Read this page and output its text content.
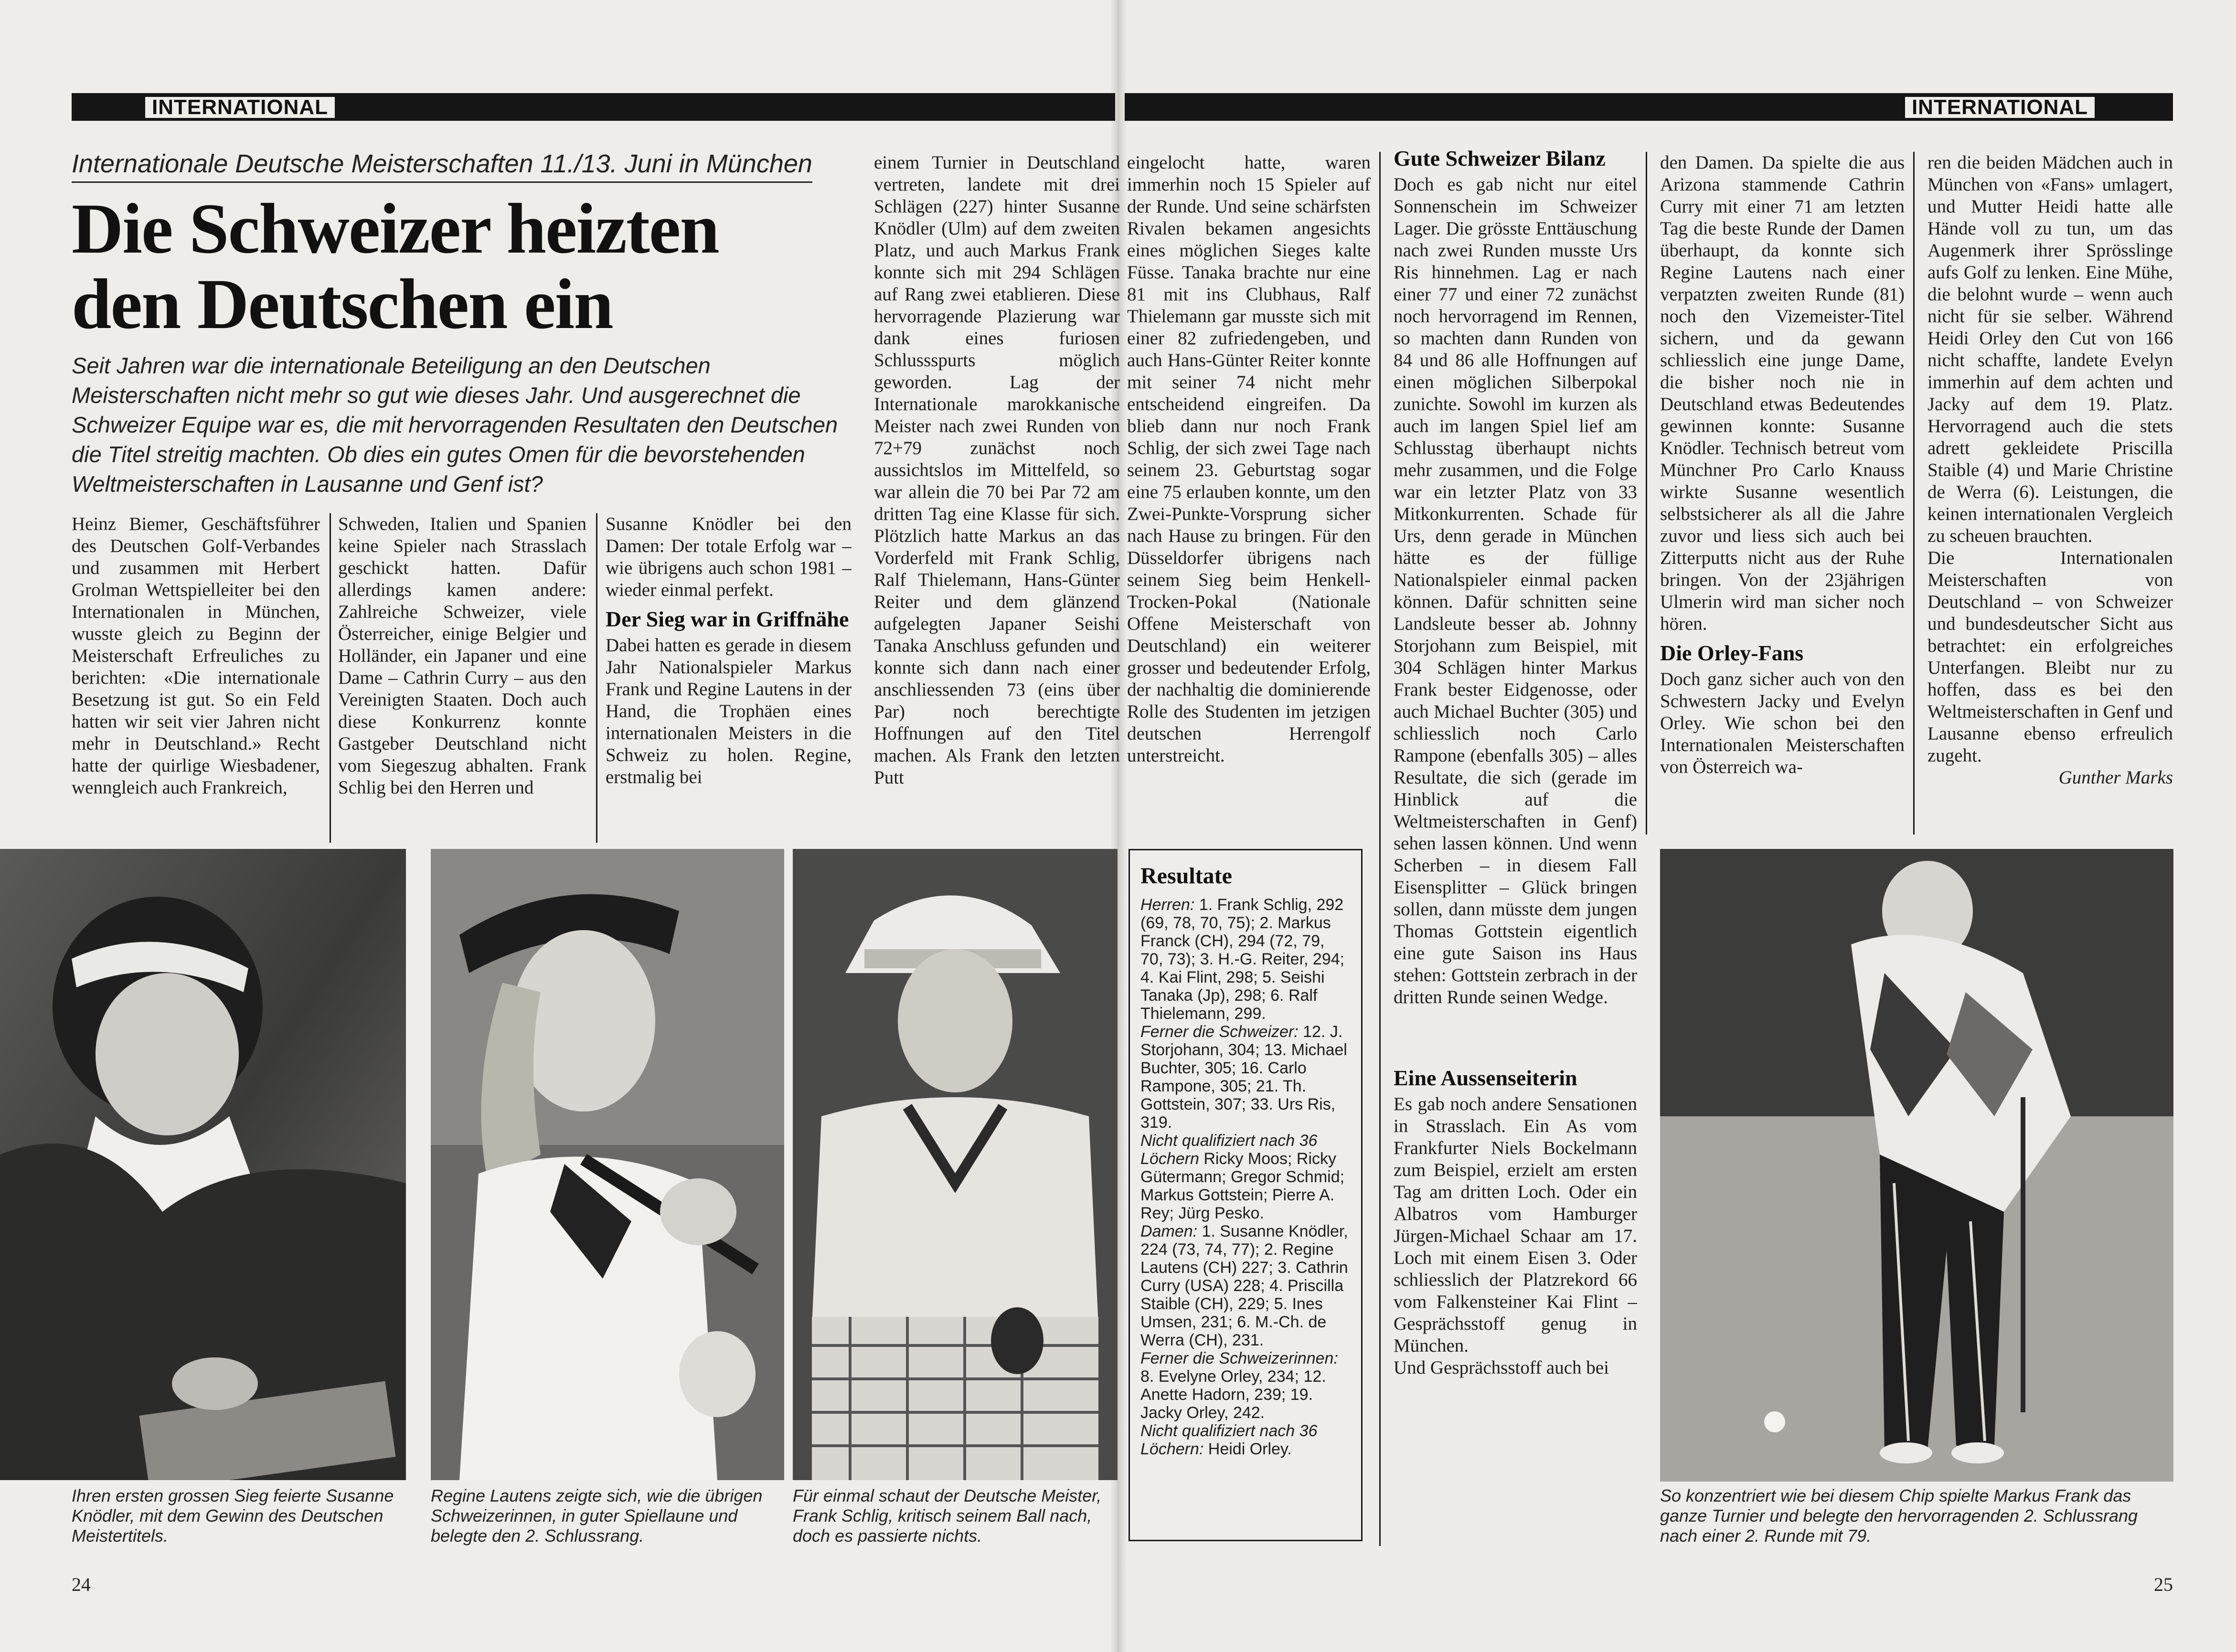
INTERNATIONAL	INTERNATIONAL
Internationale Deutsche Meisterschaften 11./13. Juni in München
Die Schweizer heizten
den Deutschen ein
Seit Jahren war die internationale Beteiligung an den Deutschen Meisterschaften nicht mehr so gut wie dieses Jahr. Und ausgerechnet die Schweizer Equipe war es, die mit hervorragenden Resultaten den Deutschen die Titel streitig machten. Ob dies ein gutes Omen für die bevorstehenden Weltmeisterschaften in Lausanne und Genf ist?

Heinz Biemer, Geschäftsführer des Deutschen Golf-Verbandes und zusammen mit Herbert Grolman Wettspielleiter bei den Internationalen in München, wusste gleich zu Beginn der Meisterschaft Erfreuliches zu berichten: «Die internationale Besetzung ist gut. So ein Feld hatten wir seit vier Jahren nicht mehr in Deutschland.» Recht hatte der quirlige Wiesbadener, wenngleich auch Frankreich,

Schweden, Italien und Spanien keine Spieler nach Strasslach geschickt hatten. Dafür allerdings kamen andere: Zahlreiche Schweizer, viele Österreicher, einige Belgier und Holländer, ein Japaner und eine Dame – Cathrin Curry – aus den Vereinigten Staaten. Doch auch diese Konkurrenz konnte Gastgeber Deutschland nicht vom Siegeszug abhalten. Frank Schlig bei den Herren und

Susanne Knödler bei den Damen: Der totale Erfolg war – wie übrigens auch schon 1981 – wieder einmal perfekt.

Der Sieg war in Griffnähe

Dabei hatten es gerade in diesem Jahr Nationalspieler Markus Frank und Regine Lautens in der Hand, die Trophäen eines internationalen Meisters in die Schweiz zu holen. Regine, erstmalig bei

einem Turnier in Deutschland vertreten, landete mit drei Schlägen (227) hinter Susanne Knödler (Ulm) auf dem zweiten Platz, und auch Markus Frank konnte sich mit 294 Schlägen auf Rang zwei etablieren. Diese hervorragende Plazierung war dank eines furiosen Schlussspurts möglich geworden. Lag der Internationale marokkanische Meister nach zwei Runden von 72+79 zunächst noch aussichtslos im Mittelfeld, so war allein die 70 bei Par 72 am dritten Tag eine Klasse für sich. Plötzlich hatte Markus an das Vorderfeld mit Frank Schlig, Ralf Thielemann, Hans-Günter Reiter und dem glänzend aufgelegten Japaner Seishi Tanaka Anschluss gefunden und konnte sich dann nach einer anschliessenden 73 (eins über Par) noch berechtigte Hoffnungen auf den Titel machen. Als Frank den letzten Putt

eingelocht hatte, waren immerhin noch 15 Spieler auf der Runde. Und seine schärfsten Rivalen bekamen angesichts eines möglichen Sieges kalte Füsse. Tanaka brachte nur eine 81 mit ins Clubhaus, Ralf Thielemann gar musste sich mit einer 82 zufriedengeben, und auch Hans-Günter Reiter konnte mit seiner 74 nicht mehr entscheidend eingreifen. Da blieb dann nur noch Frank Schlig, der sich zwei Tage nach seinem 23. Geburtstag sogar eine 75 erlauben konnte, um den Zwei-Punkte-Vorsprung sicher nach Hause zu bringen. Für den Düsseldorfer übrigens nach seinem Sieg beim Henkell-Trocken-Pokal (Nationale Offene Meisterschaft von Deutschland) ein weiterer grosser und bedeutender Erfolg, der nachhaltig die dominierende Rolle des Studenten im jetzigen deutschen Herrengolf unterstreicht.

Gute Schweizer Bilanz

Doch es gab nicht nur eitel Sonnenschein im Schweizer Lager. Die grösste Enttäuschung nach zwei Runden musste Urs Ris hinnehmen. Lag er nach einer 77 und einer 72 zunächst noch hervorragend im Rennen, so machten dann Runden von 84 und 86 alle Hoffnungen auf einen möglichen Silberpokal zunichte. Sowohl im kurzen als auch im langen Spiel lief am Schlusstag überhaupt nichts mehr zusammen, und die Folge war ein letzter Platz von 33 Mitkonkurrenten. Schade für Urs, denn gerade in München hätte es der füllige Nationalspieler einmal packen können. Dafür schnitten seine Landsleute besser ab. Johnny Storjohann zum Beispiel, mit 304 Schlägen hinter Markus Frank bester Eidgenosse, oder auch Michael Buchter (305) und schliesslich noch Carlo Rampone (ebenfalls 305) – alles Resultate, die sich (gerade im Hinblick auf die Weltmeisterschaften in Genf) sehen lassen können. Und wenn Scherben – in diesem Fall Eisensplitter – Glück bringen sollen, dann müsste dem jungen Thomas Gottstein eigentlich eine gute Saison ins Haus stehen: Gottstein zerbrach in der dritten Runde seinen Wedge.

Eine Aussenseiterin

Es gab noch andere Sensationen in Strasslach. Ein As vom Frankfurter Niels Bockelmann zum Beispiel, erzielt am ersten Tag am dritten Loch. Oder ein Albatros vom Hamburger Jürgen-Michael Schaar am 17. Loch mit einem Eisen 3. Oder schliesslich der Platzrekord 66 vom Falkensteiner Kai Flint – Gesprächsstoff genug in München.

Und Gesprächsstoff auch bei

den Damen. Da spielte die aus Arizona stammende Cathrin Curry mit einer 71 am letzten Tag die beste Runde der Damen überhaupt, da konnte sich Regine Lautens nach einer verpatzten zweiten Runde (81) noch den Vizemeister-Titel sichern, und da gewann schliesslich eine junge Dame, die bisher noch nie in Deutschland etwas Bedeutendes gewinnen konnte: Susanne Knödler. Technisch betreut vom Münchner Pro Carlo Knauss wirkte Susanne wesentlich selbstsicherer als all die Jahre zuvor und liess sich auch bei Zitterputts nicht aus der Ruhe bringen. Von der 23jährigen Ulmerin wird man sicher noch hören.

Die Orley-Fans

Doch ganz sicher auch von den Schwestern Jacky und Evelyn Orley. Wie schon bei den Internationalen Meisterschaften von Österreich wa-

ren die beiden Mädchen auch in München von «Fans» umlagert, und Mutter Heidi hatte alle Hände voll zu tun, um das Augenmerk ihrer Sprösslinge aufs Golf zu lenken. Eine Mühe, die belohnt wurde – wenn auch nicht für sie selber. Während Heidi Orley den Cut von 166 nicht schaffte, landete Evelyn immerhin auf dem achten und Jacky auf dem 19. Platz. Hervorragend auch die stets adrett gekleidete Priscilla Staible (4) und Marie Christine de Werra (6). Leistungen, die keinen internationalen Vergleich zu scheuen brauchten.

Die Internationalen Meisterschaften von Deutschland – von Schweizer und bundesdeutscher Sicht aus betrachtet: ein erfolgreiches Unterfangen. Bleibt nur zu hoffen, dass es bei den Weltmeisterschaften in Genf und Lausanne ebenso erfreulich zugeht.

Gunther Marks

Resultate

Herren: 1. Frank Schlig, 292 (69, 78, 70, 75); 2. Markus Franck (CH), 294 (72, 79, 70, 73); 3. H.-G. Reiter, 294; 4. Kai Flint, 298; 5. Seishi Tanaka (Jp), 298; 6. Ralf Thielemann, 299.
Ferner die Schweizer: 12. J. Storjohann, 304; 13. Michael Buchter, 305; 16. Carlo Rampone, 305; 21. Th. Gottstein, 307; 33. Urs Ris, 319.
Nicht qualifiziert nach 36 Löchern Ricky Moos; Ricky Gütermann; Gregor Schmid; Markus Gottstein; Pierre A. Rey; Jürg Pesko.
Damen: 1. Susanne Knödler, 224 (73, 74, 77); 2. Regine Lautens (CH) 227; 3. Cathrin Curry (USA) 228; 4. Priscilla Staible (CH), 229; 5. Ines Umsen, 231; 6. M.-Ch. de Werra (CH), 231.
Ferner die Schweizerinnen: 8. Evelyne Orley, 234; 12. Anette Hadorn, 239; 19. Jacky Orley, 242.
Nicht qualifiziert nach 36 Löchern: Heidi Orley.

Ihren ersten grossen Sieg feierte Susanne Knödler, mit dem Gewinn des Deutschen Meistertitels.
Regine Lautens zeigte sich, wie die übrigen Schweizerinnen, in guter Spiellaune und belegte den 2. Schlussrang.
Für einmal schaut der Deutsche Meister, Frank Schlig, kritisch seinem Ball nach, doch es passierte nichts.
So konzentriert wie bei diesem Chip spielte Markus Frank das ganze Turnier und belegte den hervorragenden 2. Schlussrang nach einer 2. Runde mit 79.
24	25
